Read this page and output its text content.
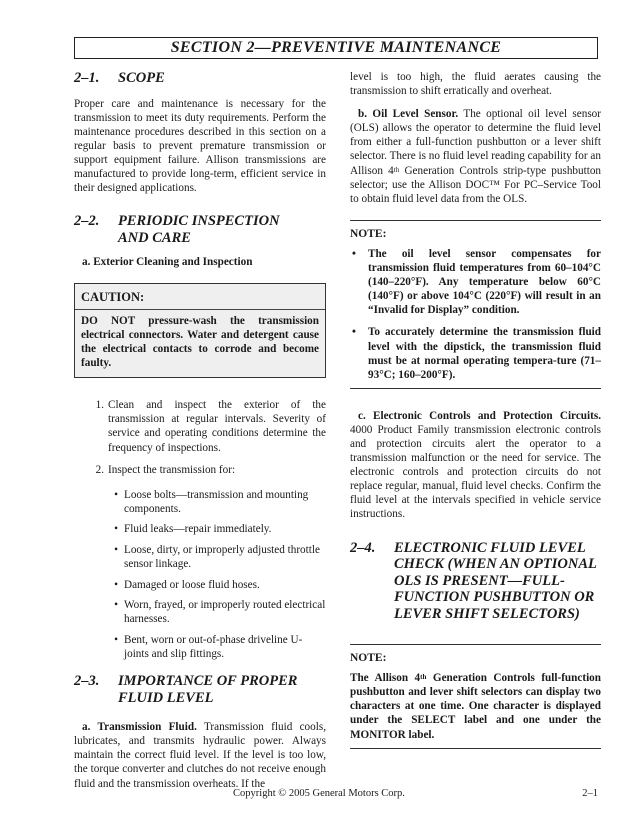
SECTION 2—PREVENTIVE MAINTENANCE
2–1.	SCOPE

Proper care and maintenance is necessary for the transmission to meet its duty requirements. Perform the maintenance procedures described in this section on a regular basis to prevent premature transmission or support equipment failure. Allison transmissions are manufactured to provide long-term, efficient service in their designed applications.

2–2.	PERIODIC INSPECTION
AND CARE
a. Exterior Cleaning and Inspection
CAUTION:

DO NOT pressure-wash the transmission electrical connectors. Water and detergent cause the electrical contacts to corrode and become faulty.

1. Clean and inspect the exterior of the transmission at regular intervals. Severity of service and operating conditions determine the frequency of inspections.
2. Inspect the transmission for:
• Loose bolts—transmission and mounting components.
• Fluid leaks—repair immediately.
• Loose, dirty, or improperly adjusted throttle sensor linkage.
• Damaged or loose fluid hoses.
• Worn, frayed, or improperly routed electrical harnesses.
• Bent, worn or out-of-phase driveline U-joints and slip fittings.
2–3.	IMPORTANCE OF PROPER
FLUID LEVEL

a. Transmission Fluid. Transmission fluid cools, lubricates, and transmits hydraulic power. Always maintain the correct fluid level. If the level is too low, the torque converter and clutches do not receive enough fluid and the transmission overheats. If the

level is too high, the fluid aerates causing the transmission to shift erratically and overheat.

b. Oil Level Sensor. The optional oil level sensor (OLS) allows the operator to determine the fluid level from either a full-function pushbutton or a lever shift selector. There is no fluid level reading capability for an Allison 4th Generation Controls strip-type pushbutton selector; use the Allison DOC™ For PC–Service Tool to obtain fluid level data from the OLS.

NOTE:
•	The oil level sensor compensates for transmission fluid temperatures from 60–104°C (140–220°F). Any temperature below 60°C (140°F) or above 104°C (220°F) will result in an “Invalid for Display” condition.
•	To accurately determine the transmission fluid level with the dipstick, the transmission fluid must be at normal operating tempera-ture (71–93°C; 160–200°F).

c. Electronic Controls and Protection Circuits. 4000 Product Family transmission electronic controls and protection circuits alert the operator to a transmission malfunction or the need for service. The electronic controls and protection circuits do not replace regular, manual, fluid level checks. Confirm the fluid level at the intervals specified in vehicle service instructions.

2–4.	ELECTRONIC FLUID LEVEL
CHECK (WHEN AN OPTIONAL
OLS IS PRESENT—FULL-
FUNCTION PUSHBUTTON OR
LEVER SHIFT SELECTORS)
NOTE:

The Allison 4th Generation Controls full-function pushbutton and lever shift selectors can display two characters at one time. One character is displayed under the SELECT label and one under the MONITOR label.

Copyright © 2005 General Motors Corp.	2–1
